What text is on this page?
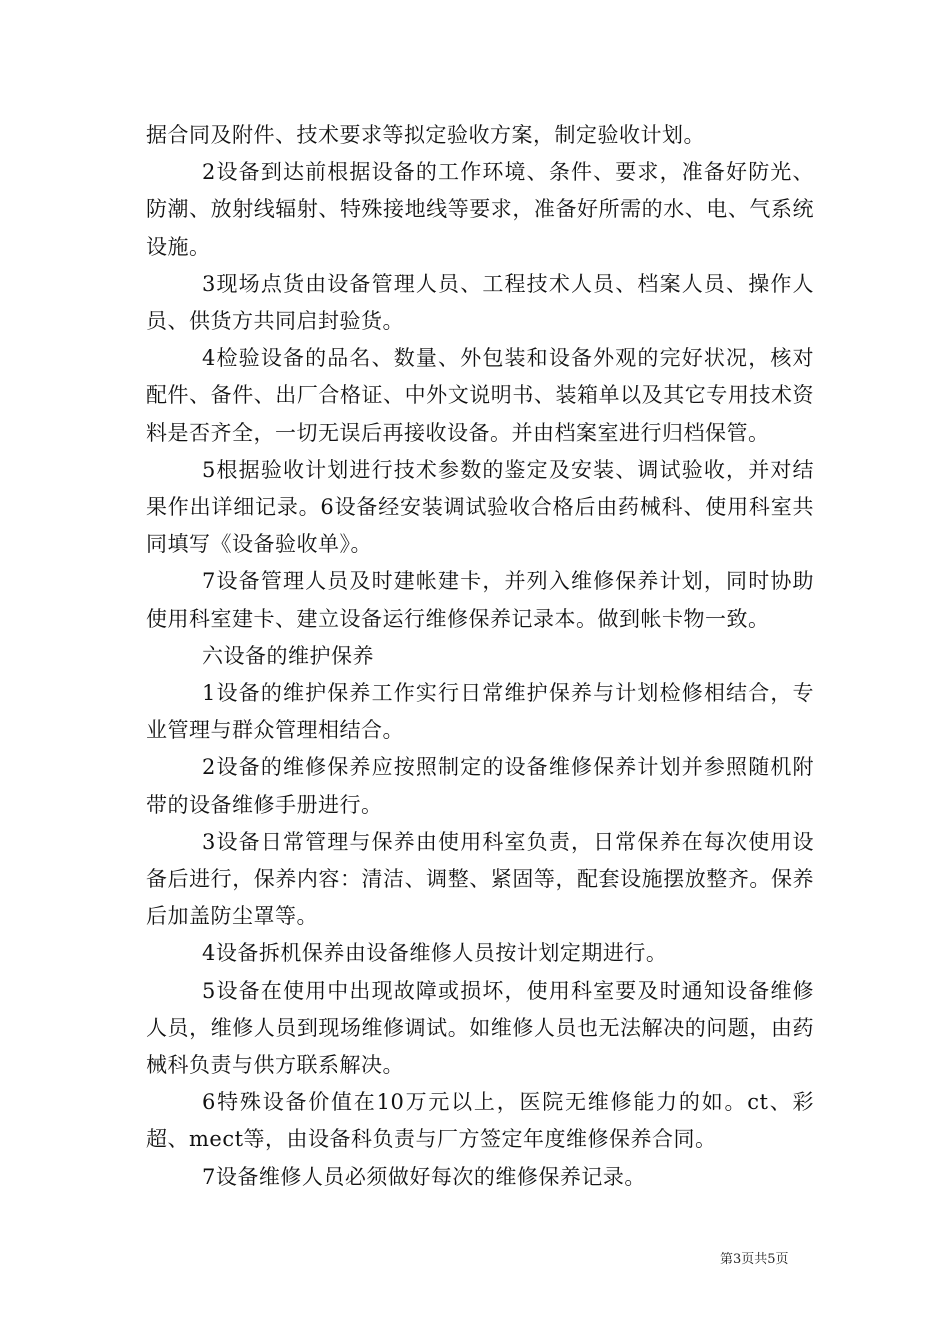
据合同及附件、技术要求等拟定验收方案，制定验收计划。

2设备到达前根据设备的工作环境、条件、要求，准备好防光、防潮、放射线辐射、特殊接地线等要求，准备好所需的水、电、气系统设施。

3现场点货由设备管理人员、工程技术人员、档案人员、操作人员、供货方共同启封验货。

4检验设备的品名、数量、外包装和设备外观的完好状况，核对配件、备件、出厂合格证、中外文说明书、装箱单以及其它专用技术资料是否齐全，一切无误后再接收设备。并由档案室进行归档保管。

5根据验收计划进行技术参数的鉴定及安装、调试验收，并对结果作出详细记录。6设备经安装调试验收合格后由药械科、使用科室共同填写《设备验收单》。

7设备管理人员及时建帐建卡，并列入维修保养计划，同时协助使用科室建卡、建立设备运行维修保养记录本。做到帐卡物一致。

六设备的维护保养

1设备的维护保养工作实行日常维护保养与计划检修相结合，专业管理与群众管理相结合。

2设备的维修保养应按照制定的设备维修保养计划并参照随机附带的设备维修手册进行。

3设备日常管理与保养由使用科室负责，日常保养在每次使用设备后进行，保养内容：清洁、调整、紧固等，配套设施摆放整齐。保养后加盖防尘罩等。

4设备拆机保养由设备维修人员按计划定期进行。

5设备在使用中出现故障或损坏，使用科室要及时通知设备维修人员，维修人员到现场维修调试。如维修人员也无法解决的问题，由药械科负责与供方联系解决。

6特殊设备价值在10万元以上，医院无维修能力的如。ct、彩超、mect等，由设备科负责与厂方签定年度维修保养合同。

7设备维修人员必须做好每次的维修保养记录。

第3页共5页
